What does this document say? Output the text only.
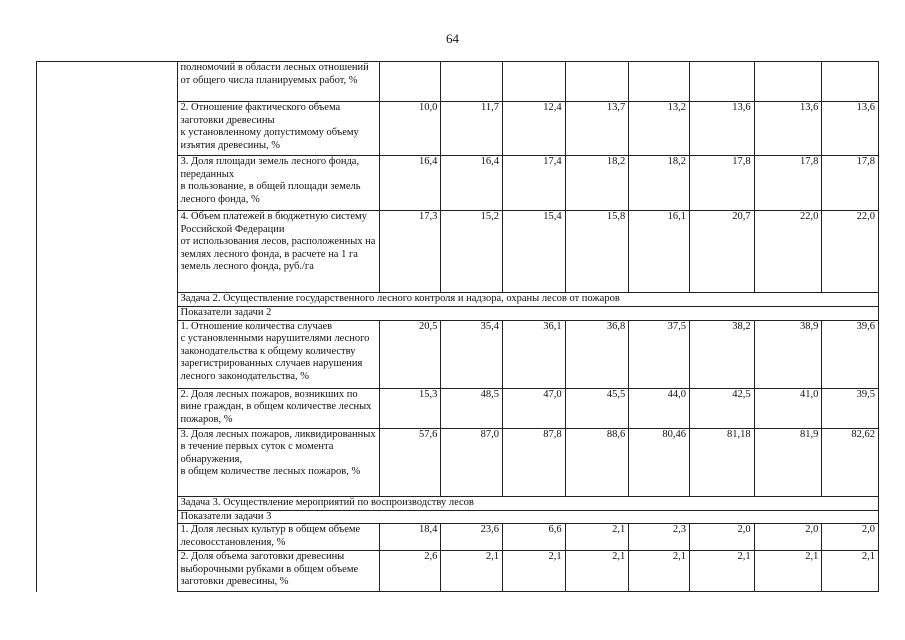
64
	полномочий в области лесных отношений от общего числа планируемых работ, %								
	2. Отношение фактического объема заготовки древесины
к установленному допустимому объему изъятия древесины, %	10,0	11,7	12,4	13,7	13,2	13,6	13,6	13,6
	3. Доля площади земель лесного фонда, переданных
в пользование, в общей площади земель лесного фонда, %	16,4	16,4	17,4	18,2	18,2	17,8	17,8	17,8
	4. Объем платежей в бюджетную систему Российской Федерации
от использования лесов, расположенных на землях лесного фонда, в расчете на 1 га земель лесного фонда, руб./га	17,3	15,2	15,4	15,8	16,1	20,7	22,0	22,0
	Задача 2. Осуществление государственного лесного контроля и надзора, охраны лесов от пожаров								
	Показатели задачи 2								
	1. Отношение количества случаев
с установленными нарушителями лесного законодательства к общему количеству зарегистрированных случаев нарушения лесного законодательства, %	20,5	35,4	36,1	36,8	37,5	38,2	38,9	39,6
	2. Доля лесных пожаров, возникших по вине граждан, в общем количестве лесных пожаров, %	15,3	48,5	47,0	45,5	44,0	42,5	41,0	39,5
	3. Доля лесных пожаров, ликвидированных в течение первых суток с момента обнаружения,
в общем количестве лесных пожаров, %	57,6	87,0	87,8	88,6	80,46	81,18	81,9	82,62
	Задача 3. Осуществление мероприятий по воспроизводству лесов								
	Показатели задачи 3								
	1. Доля лесных культур в общем объеме лесовосстановления, %	18,4	23,6	6,6	2,1	2,3	2,0	2,0	2,0
	2. Доля объема заготовки древесины выборочными рубками в общем объеме заготовки древесины, %	2,6	2,1	2,1	2,1	2,1	2,1	2,1	2,1
